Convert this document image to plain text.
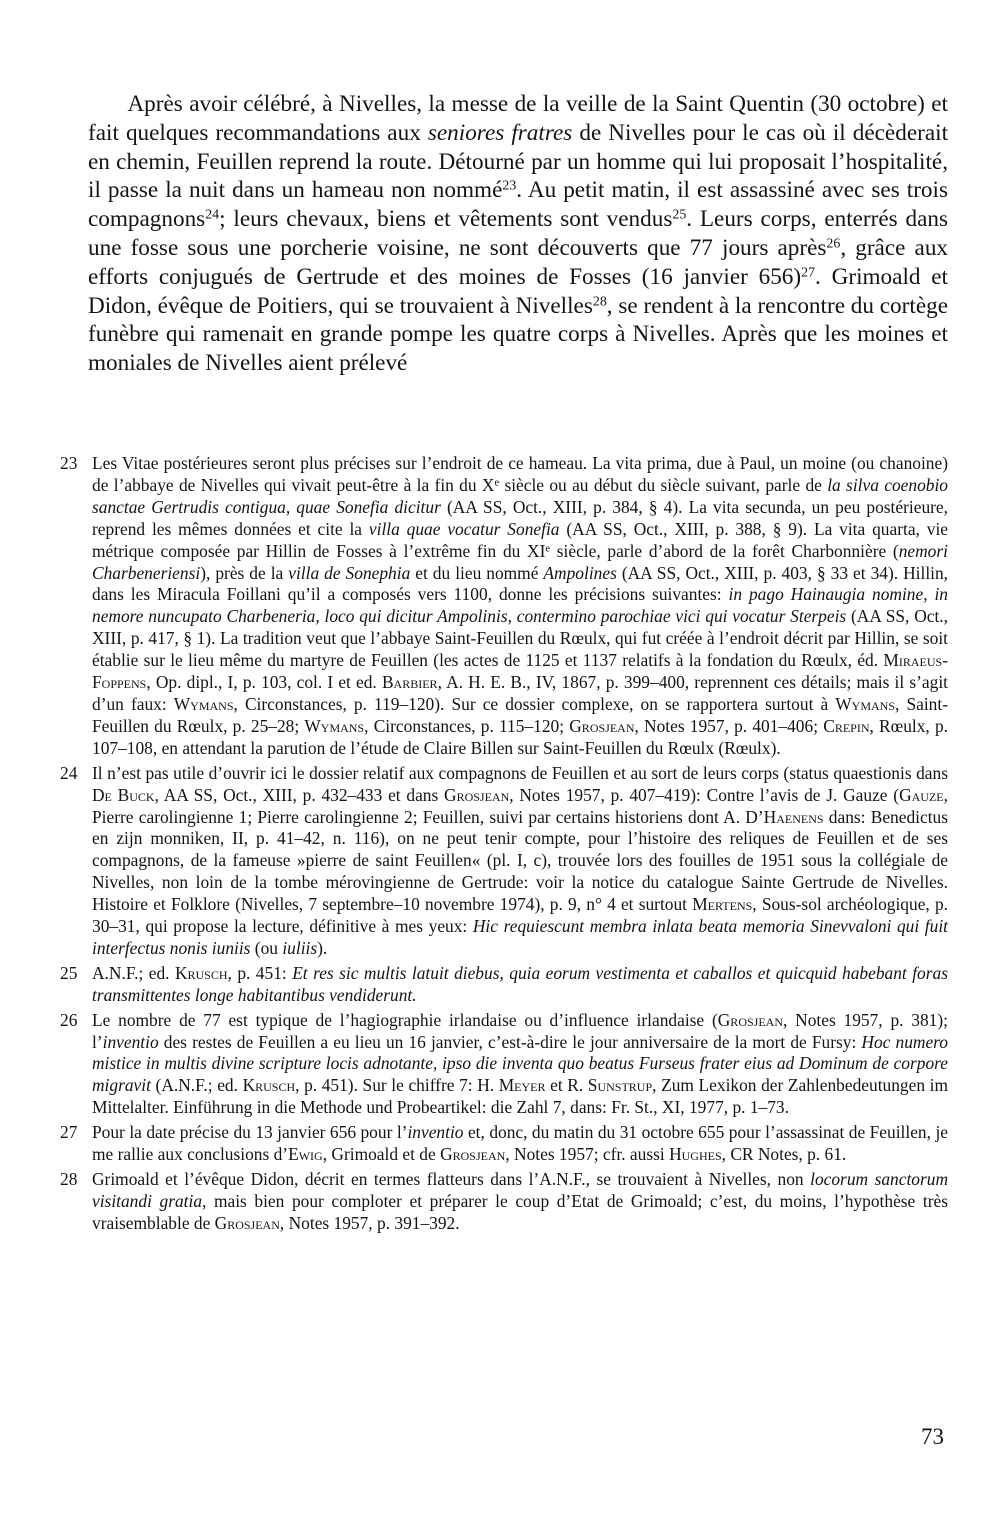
Après avoir célébré, à Nivelles, la messe de la veille de la Saint Quentin (30 octobre) et fait quelques recommandations aux seniores fratres de Nivelles pour le cas où il décèderait en chemin, Feuillen reprend la route. Détourné par un homme qui lui proposait l’hospitalité, il passe la nuit dans un hameau non nommé$^{23}$. Au petit matin, il est assassiné avec ses trois compagnons$^{24}$; leurs chevaux, biens et vêtements sont vendus$^{25}$. Leurs corps, enterrés dans une fosse sous une porcherie voisine, ne sont découverts que 77 jours après$^{26}$, grâce aux efforts conjugués de Gertrude et des moines de Fosses (16 janvier 656)$^{27}$. Grimoald et Didon, évêque de Poitiers, qui se trouvaient à Nivelles$^{28}$, se rendent à la rencontre du cortège funèbre qui ramenait en grande pompe les quatre corps à Nivelles. Après que les moines et moniales de Nivelles aient prélevé

23 Les Vitae postérieures seront plus précises sur l’endroit de ce hameau. La vita prima, due à Paul, un moine (ou chanoine) de l’abbaye de Nivelles qui vivait peut-être à la fin du Xe siècle ou au début du siècle suivant, parle de la silva coenobio sanctae Gertrudis contigua, quae Sonefia dicitur (AA SS, Oct., XIII, p. 384, § 4). La vita secunda, un peu postérieure, reprend les mêmes données et cite la villa quae vocatur Sonefia (AA SS, Oct., XIII, p. 388, § 9). La vita quarta, vie métrique composée par Hillin de Fosses à l’extrême fin du XIe siècle, parle d’abord de la forêt Charbonnière (nemori Charbeneriensi), près de la villa de Sonephia et du lieu nommé Ampolines (AA SS, Oct., XIII, p. 403, § 33 et 34). Hillin, dans les Miracula Foillani qu’il a composés vers 1100, donne les précisions suivantes: in pago Hainaugia nomine, in nemore nuncupato Charbeneria, loco qui dicitur Ampolinis, contermino parochiae vici qui vocatur Sterpeis (AA SS, Oct., XIII, p. 417, § 1). La tradition veut que l’abbaye Saint-Feuillen du Rœulx, qui fut créée à l’endroit décrit par Hillin, se soit établie sur le lieu même du martyre de Feuillen (les actes de 1125 et 1137 relatifs à la fondation du Rœulx, éd. Miraeus-Foppens, Op. dipl., I, p. 103, col. I et ed. Barbier, A. H. E. B., IV, 1867, p. 399–400, reprennent ces détails; mais il s’agit d’un faux: Wymans, Circonstances, p. 119–120). Sur ce dossier complexe, on se rapportera surtout à Wymans, Saint-Feuillen du Rœulx, p. 25–28; Wymans, Circonstances, p. 115–120; Grosjean, Notes 1957, p. 401–406; Crepin, Rœulx, p. 107–108, en attendant la parution de l’étude de Claire Billen sur Saint-Feuillen du Rœulx (Rœulx).
24 Il n’est pas utile d’ouvrir ici le dossier relatif aux compagnons de Feuillen et au sort de leurs corps (status quaestionis dans De Buck, AA SS, Oct., XIII, p. 432–433 et dans Grosjean, Notes 1957, p. 407–419): Contre l’avis de J. Gauze (Gauze, Pierre carolingienne 1; Pierre carolingienne 2; Feuillen, suivi par certains historiens dont A. D’Haenens dans: Benedictus en zijn monniken, II, p. 41–42, n. 116), on ne peut tenir compte, pour l’histoire des reliques de Feuillen et de ses compagnons, de la fameuse »pierre de saint Feuillen« (pl. I, c), trouvée lors des fouilles de 1951 sous la collégiale de Nivelles, non loin de la tombe mérovingienne de Gertrude: voir la notice du catalogue Sainte Gertrude de Nivelles. Histoire et Folklore (Nivelles, 7 septembre–10 novembre 1974), p. 9, n° 4 et surtout Mertens, Sous-sol archéologique, p. 30–31, qui propose la lecture, définitive à mes yeux: Hic requiescunt membra inlata beata memoria Sinevvaloni qui fuit interfectus nonis iuniis (ou iuliis).
25 A.N.F.; ed. Krusch, p. 451: Et res sic multis latuit diebus, quia eorum vestimenta et caballos et quicquid habebant foras transmittentes longe habitantibus vendiderunt.
26 Le nombre de 77 est typique de l’hagiographie irlandaise ou d’influence irlandaise (Grosjean, Notes 1957, p. 381); l’inventio des restes de Feuillen a eu lieu un 16 janvier, c’est-à-dire le jour anniversaire de la mort de Fursy: Hoc numero mistice in multis divine scripture locis adnotante, ipso die inventa quo beatus Furseus frater eius ad Dominum de corpore migravit (A.N.F.; ed. Krusch, p. 451). Sur le chiffre 7: H. Meyer et R. Sunstrup, Zum Lexikon der Zahlenbedeutungen im Mittelalter. Einführung in die Methode und Probeartikel: die Zahl 7, dans: Fr. St., XI, 1977, p. 1–73.
27 Pour la date précise du 13 janvier 656 pour l’inventio et, donc, du matin du 31 octobre 655 pour l’assassinat de Feuillen, je me rallie aux conclusions d’Ewig, Grimoald et de Grosjean, Notes 1957; cfr. aussi Hughes, CR Notes, p. 61.
28 Grimoald et l’évêque Didon, décrit en termes flatteurs dans l’A.N.F., se trouvaient à Nivelles, non locorum sanctorum visitandi gratia, mais bien pour comploter et préparer le coup d’Etat de Grimoald; c’est, du moins, l’hypothèse très vraisemblable de Grosjean, Notes 1957, p. 391–392.
73
